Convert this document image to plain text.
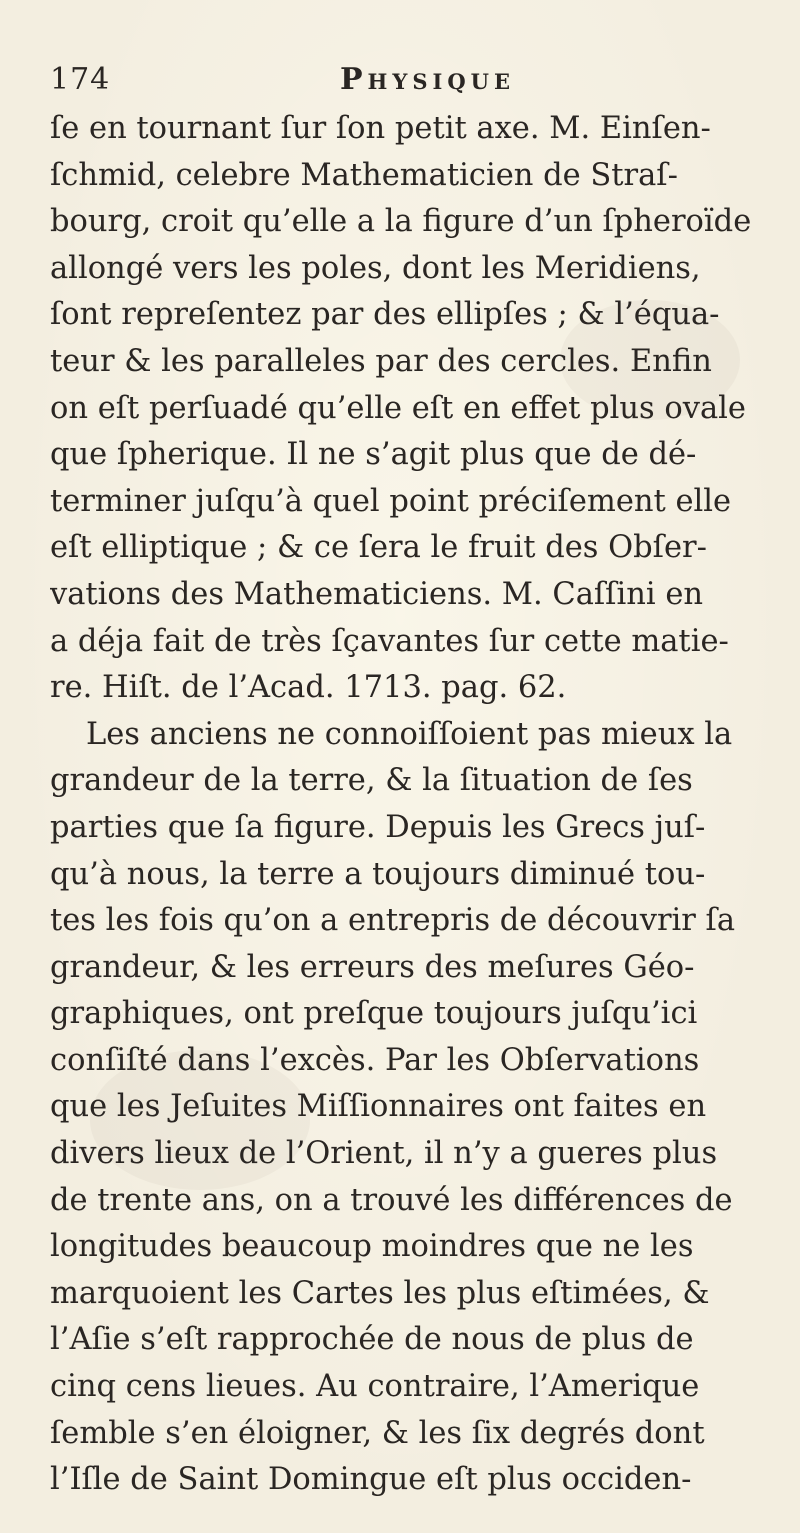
174	Physique
ſe en tournant ſur ſon petit axe. M. Einſen-
ſchmid, celebre Mathematicien de Straſ-
bourg, croit qu’elle a la figure d’un ſpheroïde
allongé vers les poles, dont les Meridiens,
ſont repreſentez par des ellipſes ; & l’équa-
teur & les paralleles par des cercles. Enfin
on eſt perſuadé qu’elle eſt en effet plus ovale
que ſpherique. Il ne s’agit plus que de dé-
terminer juſqu’à quel point préciſement elle
eſt elliptique ; & ce ſera le fruit des Obſer-
vations des Mathematiciens. M. Caſſini en
a déja fait de très ſçavantes ſur cette matie-
re. Hiſt. de l’Acad. 1713. pag. 62.
Les anciens ne connoiſſoient pas mieux la
grandeur de la terre, & la ſituation de ſes
parties que ſa figure. Depuis les Grecs juſ-
qu’à nous, la terre a toujours diminué tou-
tes les fois qu’on a entrepris de découvrir ſa
grandeur, & les erreurs des meſures Géo-
graphiques, ont preſque toujours juſqu’ici
conſiſté dans l’excès. Par les Obſervations
que les Jeſuites Miſſionnaires ont faites en
divers lieux de l’Orient, il n’y a gueres plus
de trente ans, on a trouvé les différences de
longitudes beaucoup moindres que ne les
marquoient les Cartes les plus eſtimées, &
l’Aſie s’eſt rapprochée de nous de plus de
cinq cens lieues. Au contraire, l’Amerique
ſemble s’en éloigner, & les ſix degrés dont
l’Iſle de Saint Domingue eſt plus occiden-
